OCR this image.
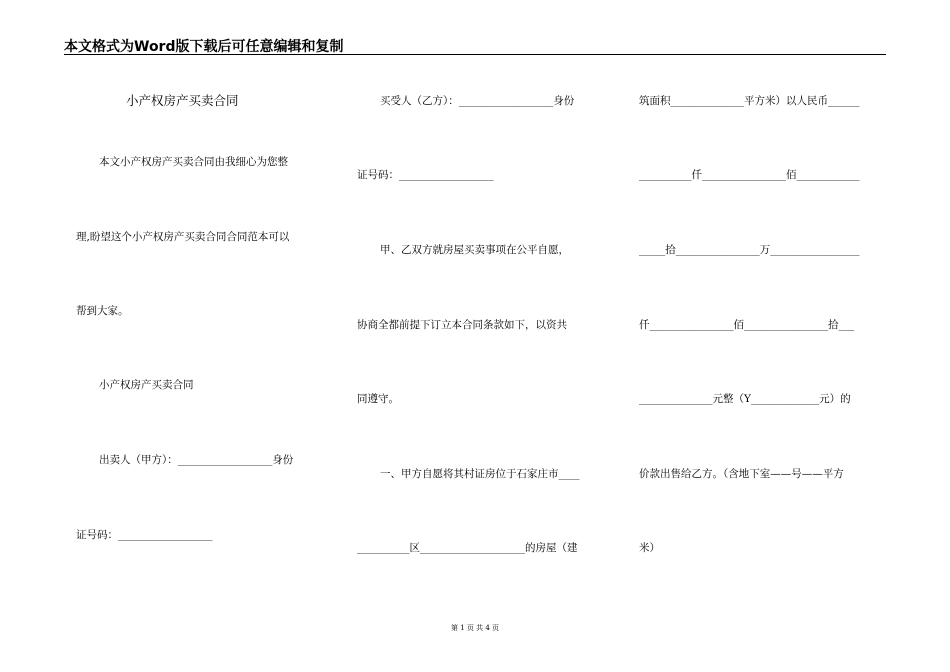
本文格式为Word版下载后可任意编辑和复制
小产权房产买卖合同
本文小产权房产买卖合同由我细心为您整
理,盼望这个小产权房产买卖合同合同范本可以
帮到大家。
小产权房产买卖合同
出卖人（甲方）：__________________身份
证号码：__________________
买受人（乙方）：__________________身份
证号码：__________________
甲、乙双方就房屋买卖事项在公平自愿，
协商全都前提下订立本合同条款如下，以资共
同遵守。
一、甲方自愿将其村证房位于石家庄市____
__________区____________________的房屋（建
筑面积______________平方米）以人民币______
__________仟________________佰____________
_____拾________________万_________________
仟________________佰________________拾___
______________元整（Y_____________元）的
价款出售给乙方。（含地下室——号——平方
米）
第 1 页 共 4 页
